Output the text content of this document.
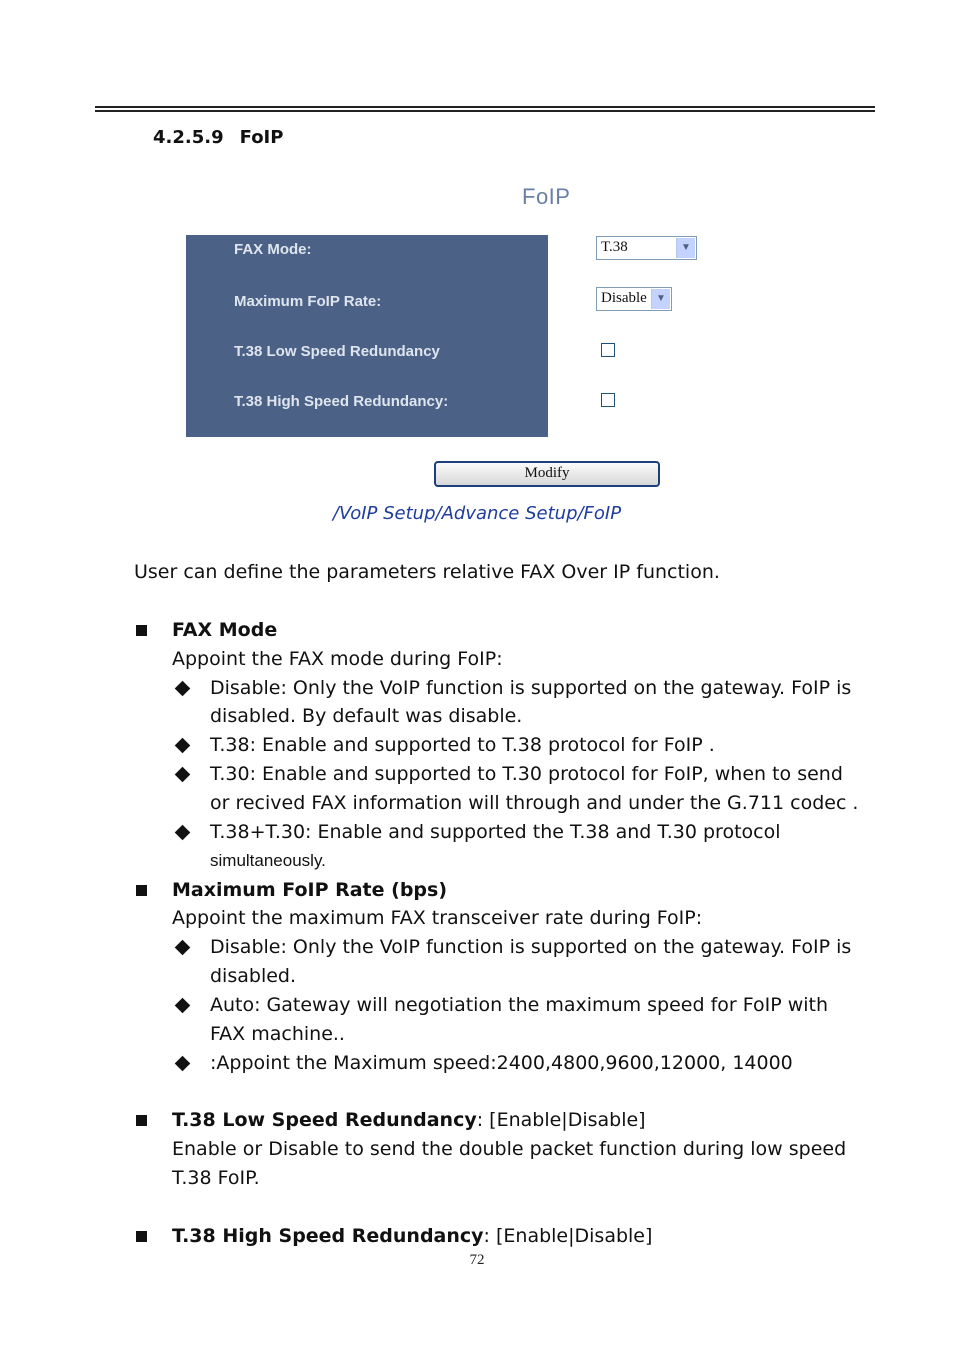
4.2.5.9 FoIP
FoIP
FAX Mode:
Maximum FoIP Rate:
T.38 Low Speed Redundancy
T.38 High Speed Redundancy:
T.38	▼
Disable ▼
Modify
/VoIP Setup/Advance Setup/FoIP
User can define the parameters relative FAX Over IP function.
FAX Mode
Appoint the FAX mode during FoIP:
Disable: Only the VoIP function is supported on the gateway. FoIP is
disabled. By default was disable.
T.38: Enable and supported to T.38 protocol for FoIP .
T.30: Enable and supported to T.30 protocol for FoIP, when to send
or recived FAX information will through and under the G.711 codec .
T.38+T.30: Enable and supported the T.38 and T.30 protocol
simultaneously.
Maximum FoIP Rate (bps)
Appoint the maximum FAX transceiver rate during FoIP:
Disable: Only the VoIP function is supported on the gateway. FoIP is
disabled.
Auto: Gateway will negotiation the maximum speed for FoIP with
FAX machine..
:Appoint the Maximum speed:2400,4800,9600,12000, 14000
T.38 Low Speed Redundancy: [Enable|Disable]
Enable or Disable to send the double packet function during low speed
T.38 FoIP.
T.38 High Speed Redundancy: [Enable|Disable]
72
